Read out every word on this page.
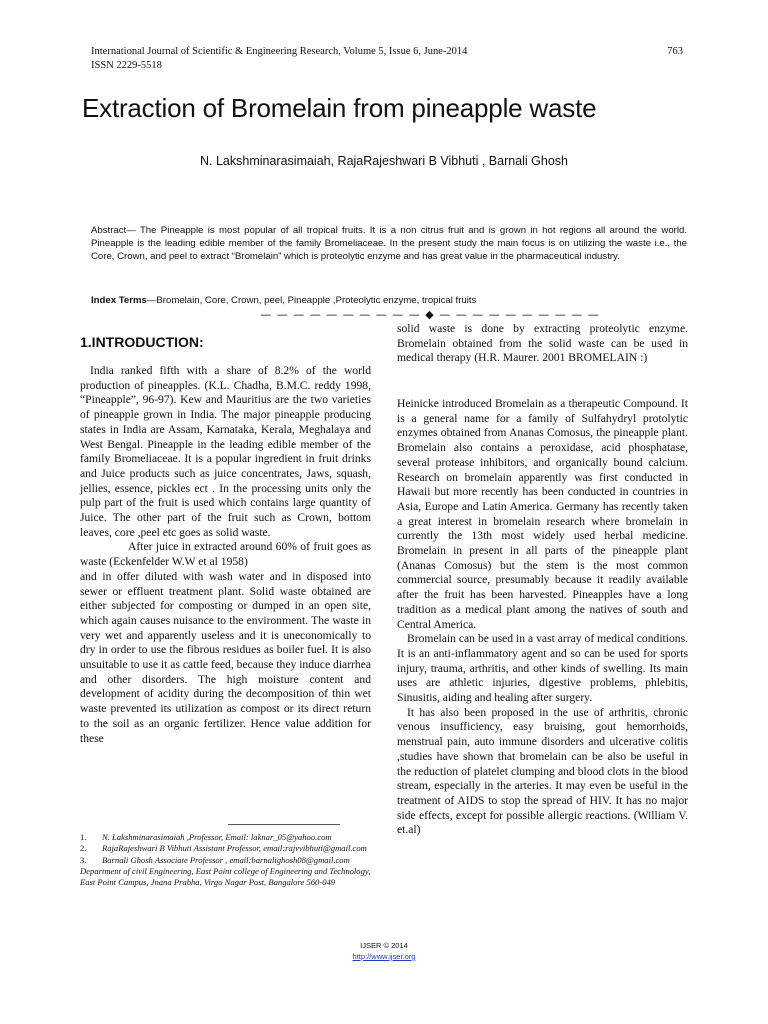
International Journal of Scientific & Engineering Research, Volume 5, Issue 6, June-2014
ISSN 2229-5518
763
Extraction of Bromelain from pineapple waste
N. Lakshminarasimaiah, RajaRajeshwari B Vibhuti , Barnali Ghosh
Abstract— The Pineapple is most popular of all tropical fruits. It is a non citrus fruit and is grown in hot regions all around the world. Pineapple is the leading edible member of the family Bromeliaceae. In the present study the main focus is on utilizing the waste i.e., the Core, Crown, and peel to extract “Bromelain” which is proteolytic enzyme and has great value in the pharmaceutical industry.
Index Terms—Bromelain, Core, Crown, peel, Pineapple ,Proteolytic enzyme, tropical fruits
— — — — — — — — — — ◆ — — — — — — — — — —
1.INTRODUCTION:

India ranked fifth with a share of 8.2% of the world production of pineapples. (K.L. Chadha, B.M.C. reddy 1998, “Pineapple”, 96-97). Kew and Mauritius are the two varieties of pineapple grown in India. The major pineapple producing states in India are Assam, Karnataka, Kerala, Meghalaya and West Bengal. Pineapple in the leading edible member of the family Bromeliaceae. It is a popular ingredient in fruit drinks and Juice products such as juice concentrates, Jaws, squash, jellies, essence, pickles ect . In the processing units only the pulp part of the fruit is used which contains large quantity of Juice. The other part of the fruit such as Crown, bottom leaves, core ,peel etc goes as solid waste.

After juice in extracted around 60% of fruit goes as waste (Eckenfelder W.W et al 1958)

and in offer diluted with wash water and in disposed into sewer or effluent treatment plant. Solid waste obtained are either subjected for composting or dumped in an open site, which again causes nuisance to the environment. The waste in very wet and apparently useless and it is uneconomically to dry in order to use the fibrous residues as boiler fuel. It is also unsuitable to use it as cattle feed, because they induce diarrhea and other disorders. The high moisture content and development of acidity during the decomposition of thin wet waste prevented its utilization as compost or its direct return to the soil as an organic fertilizer. Hence value addition for these

solid waste is done by extracting proteolytic enzyme. Bromelain obtained from the solid waste can be used in medical therapy (H.R. Maurer. 2001 BROMELAIN :)

Heinicke introduced Bromelain as a therapeutic Compound. It is a general name for a family of Sulfahydryl protolytic enzymes obtained from Ananas Comosus, the pineapple plant. Bromelain also contains a peroxidase, acid phosphatase, several protease inhibitors, and organically bound calcium. Research on bromelain apparently was first conducted in Hawaii but more recently has been conducted in countries in Asia, Europe and Latin America. Germany has recently taken a great interest in bromelain research where bromelain in currently the 13th most widely used herbal medicine. Bromelain in present in all parts of the pineapple plant (Ananas Comosus) but the stem is the most common commercial source, presumably because it readily available after the fruit has been harvested. Pineapples have a long tradition as a medical plant among the natives of south and Central America.

Bromelain can be used in a vast array of medical conditions. It is an anti-inflammatory agent and so can be used for sports injury, trauma, arthritis, and other kinds of swelling. Its main uses are athletic injuries, digestive problems, phlebitis, Sinusitis, aiding and healing after surgery.

It has also been proposed in the use of arthritis, chronic venous insufficiency, easy bruising, gout hemorrhoids, menstrual pain, auto immune disorders and ulcerative colitis ,studies have shown that bromelain can be also be useful in the reduction of platelet clumping and blood clots in the blood stream, especially in the arteries. It may even be useful in the treatment of AIDS to stop the spread of HIV. It has no major side effects, except for possible allergic reactions. (William V. et.al)

1.	N. Lakshminarasimaiah ,Professor, Email: laknar_05@yahoo.com
2.	RajaRajeshwari B Vibhuti Assistant Professor, email:rajvvibhuti@gmail.com
3.	Barnali Ghosh Associate Professor , email:barnalighosh08@gmail.com
Department of civil Engineering, East Point college of Engineering and Technology, East Point Campus, Jnana Prabha, Virgo Nagar Post, Bangalore 560-049
IJSER © 2014
http://www.ijser.org
